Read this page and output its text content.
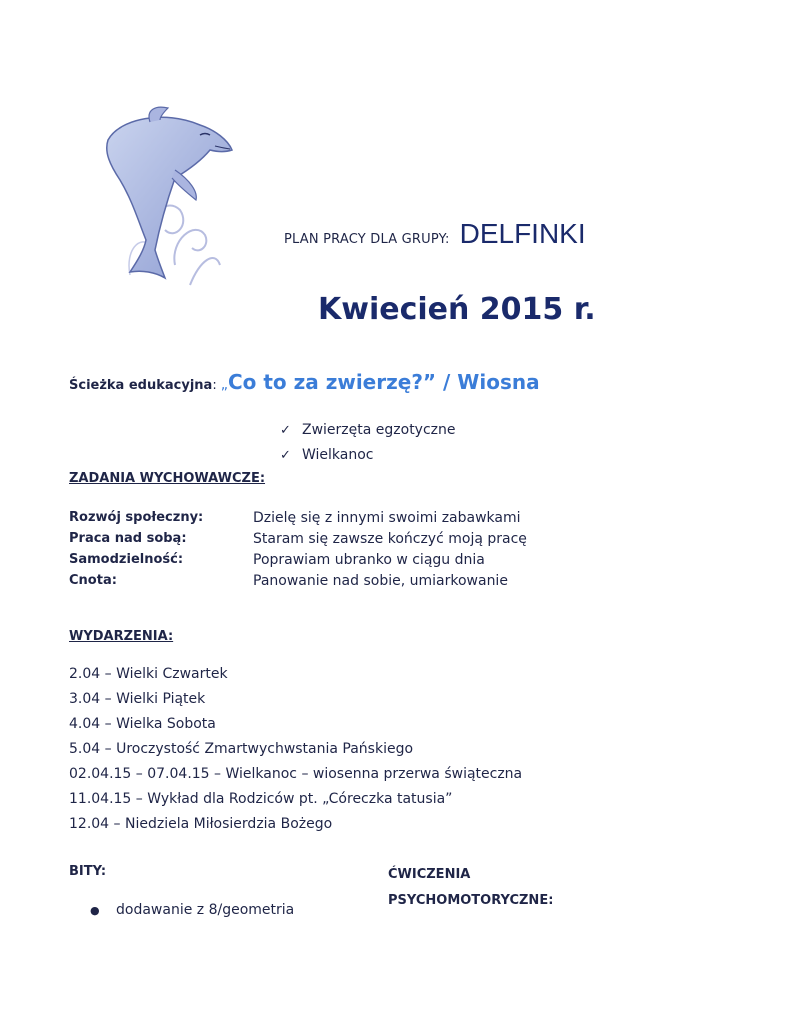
PLAN PRACY DLA GRUPY: DELFINKI
Kwiecień 2015 r.
Ścieżka edukacyjna: „Co to za zwierzę?” / Wiosna
✓ Zwierzęta egzotyczne
✓ Wielkanoc
ZADANIA WYCHOWAWCZE:
Rozwój społeczny:	Dzielę się z innymi swoimi zabawkami
Praca nad sobą:	Staram się zawsze kończyć moją pracę
Samodzielność:	Poprawiam ubranko w ciągu dnia
Cnota:	Panowanie nad sobie, umiarkowanie
WYDARZENIA:
2.04 – Wielki Czwartek
3.04 – Wielki Piątek
4.04 – Wielka Sobota
5.04 – Uroczystość Zmartwychwstania Pańskiego
02.04.15 – 07.04.15 – Wielkanoc – wiosenna przerwa świąteczna
11.04.15 – Wykład dla Rodziców pt. „Córeczka tatusia”
12.04 – Niedziela Miłosierdzia Bożego
BITY:
● dodawanie z 8/geometria
ĆWICZENIA
PSYCHOMOTORYCZNE:
